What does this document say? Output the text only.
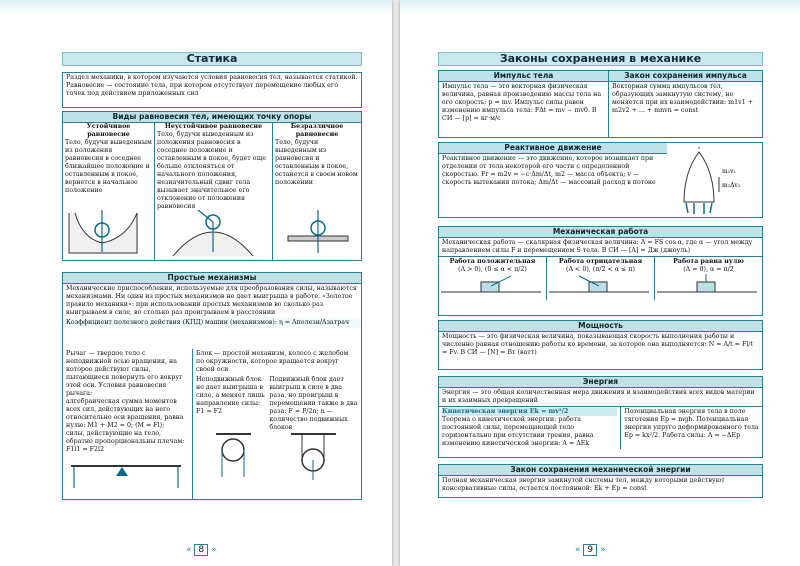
Статика
Раздел механики, в котором изучаются условия равновесия тел, называется статикой. Равновесие — состояние тела, при котором отсутствует перемещение любых его точек под действием приложенных сил
Виды равновесия тел, имеющих точку опоры
Устойчивое равновесие
Тело, будучи выведенным из положения равновесия в соседнее ближайшее положение и оставленным в покое, вернется в начальное положение
Неустойчивое равновесие
Тело, будучи выведенным из положения равновесия в соседнее положение и оставленным в покое, будет еще больше отклоняться от начального положения, незначительный сдвиг тела вызывает значительное его отклонение от положения равновесия
Безразличное равновесие
Тело, будучи выведенным из равновесия и оставленным в покое, останется в своем новом положении
Простые механизмы
Механические приспособления, используемые для преобразования силы, называются механизмами. Ни один из простых механизмов не дает выигрыша в работе. «Золотое правило механики»: при использовании простых механизмов во сколько раз выигрываем в силе, во столько раз проигрываем в расстоянии
Коэффициент полезного действия (КПД) машин (механизмов): η = Aполезн/Aзатрач
Рычаг — твердое тело с неподвижной осью вращения, на которое действуют силы, пытающиеся повернуть его вокруг этой оси. Условия равновесия рычага:
алгебраическая сумма моментов всех сил, действующих на него относительно оси вращения, равна нулю: M1 + M2 = 0; (M = Fl);
силы, действующие на тело, обратно пропорциональны плечам: F1l1 = F2l2
Блок — простой механизм, колесо с желобом по окружности, которое вращается вокруг своей оси
Неподвижный блок не дает выигрыша в силе, а меняет лишь направление силы: F1 = F2
Подвижный блок дает выигрыш в силе в два раза, но проигрыш в перемещении также в два раза: F = P/2n; n — количество подвижных блоков
« 8 »
Законы сохранения в механике
Импульс тела
Импульс тела — это векторная физическая величина, равная произведению массы тела на его скорость: p = mv. Импульс силы равен изменению импульса тела: FΔt = mv − mv0. В СИ — [p] = кг·м/с
Закон сохранения импульса
Векторная сумма импульсов тел, образующих замкнутую систему, не меняется при их взаимодействии: m1v1 + m2v2 + ... + mnvn = const
Реактивное движение
Реактивное движение — это движение, которое возникает при отделении от тела некоторой его части с определенной скоростью. Fr = m2v = −c·Δm/Δt, m2 — масса объекта; v — скорость вытекания потока; Δm/Δt — массовый расход в потоке
m₁v₁
m₂Δv₂
Механическая работа
Механическая работа — скалярная физическая величина: A = FS cos α, где α — угол между направлением силы F и перемещением S тела. В СИ — [A] = Дж (джоуль)
Работа положительная
(A > 0), (0 ≤ α < π/2)
Работа отрицательная
(A < 0), (π/2 < α ≤ π)
Работа равна нулю
(A = 0), α = π/2
Мощность
Мощность — это физическая величина, показывающая скорость выполнения работы и численно равная отношению работы ко времени, за которое она выполняется: N = A/t = Fl/t = Fv. В СИ — [N] = Вт (ватт)
Энергия
Энергия — это общая количественная мера движения и взаимодействия всех видов материи и их взаимных превращений
Кинетическая энергия Ek = mv²/2
Теорема о кинетической энергии: работа постоянной силы, перемещающей тело горизонтально при отсутствии трения, равна изменению кинетической энергии: A = ΔEk
Потенциальная энергия тела в поле тяготения Ep = mgh. Потенциальная энергия упруго деформированного тела Ep = kx²/2. Работа силы: A = −ΔEp
Закон сохранения механической энергии
Полная механическая энергия замкнутой системы тел, между которыми действуют консервативные силы, остается постоянной: Ek + Ep = const
« 9 »
